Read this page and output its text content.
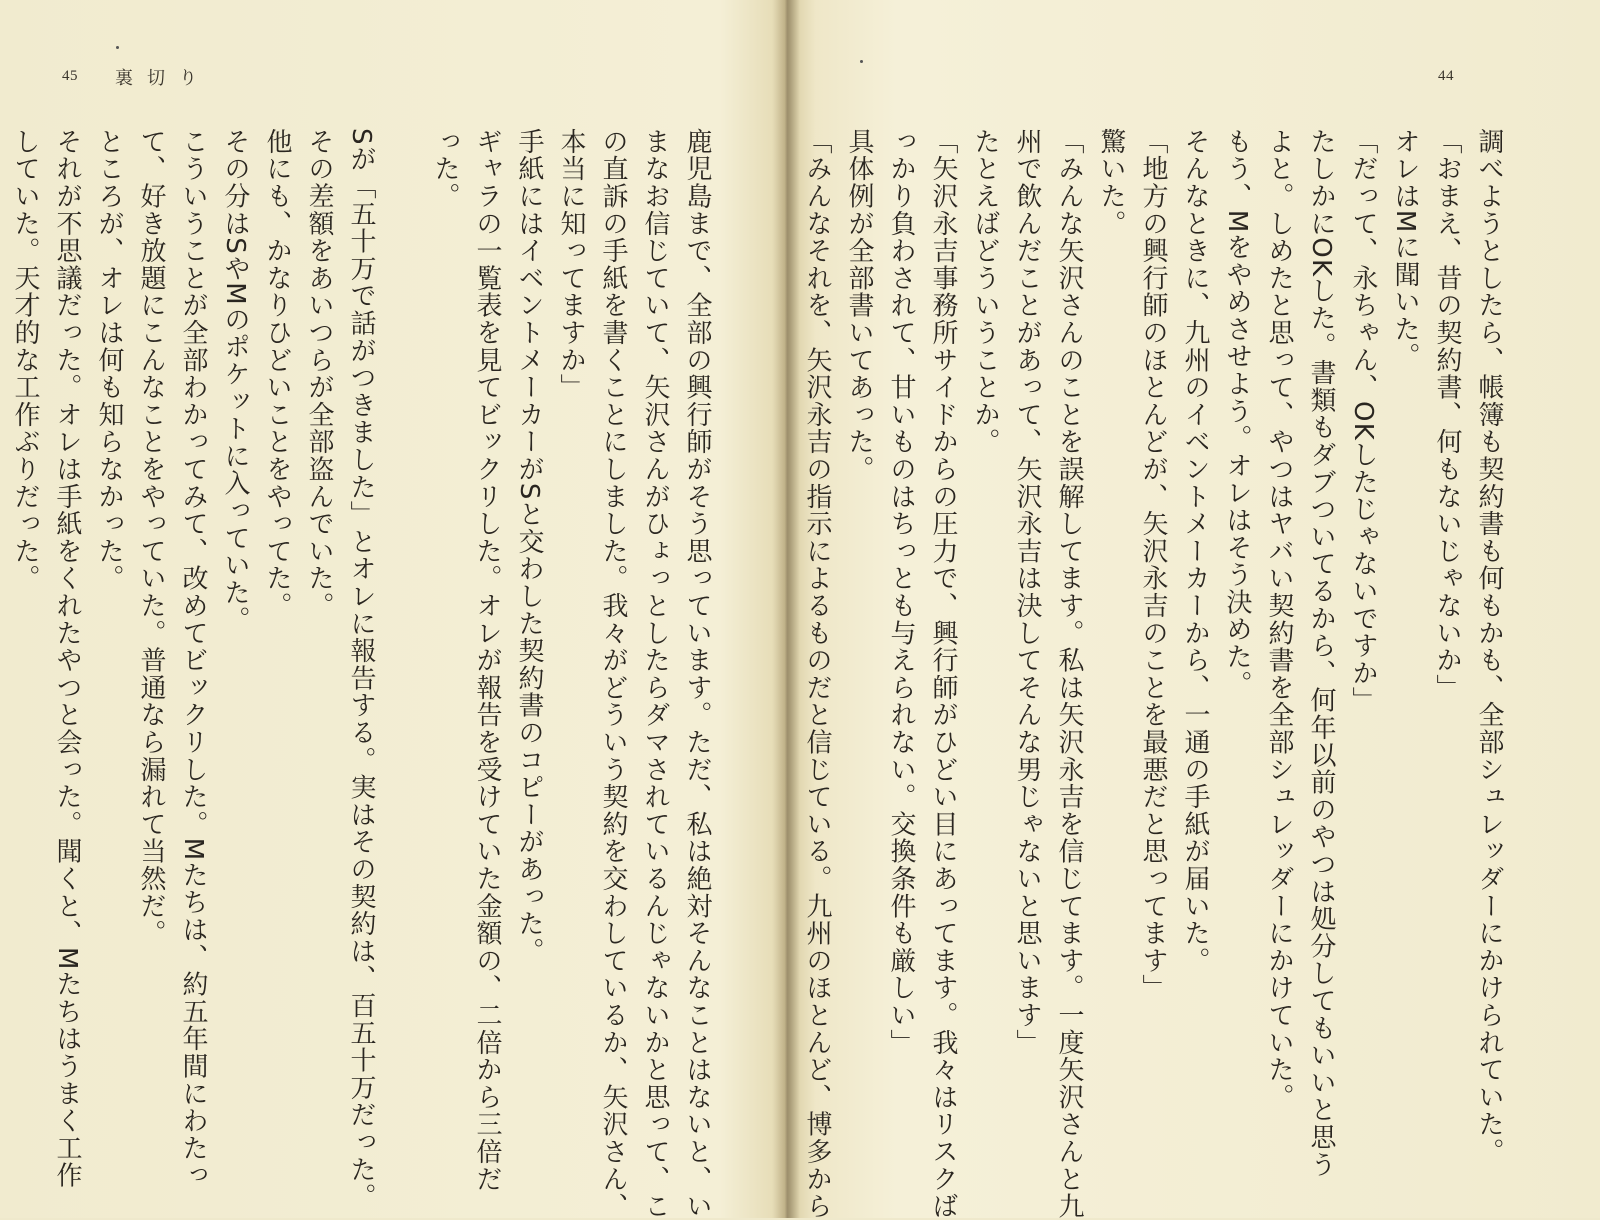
45 裏切り
鹿児島まで、全部の興行師がそう思っています。ただ、私は絶対そんなことはないと、い
まなお信じていて、矢沢さんがひょっとしたらダマされているんじゃないかと思って、こ
の直訴の手紙を書くことにしました。我々がどういう契約を交わしているか、矢沢さん、
本当に知ってますか」
手紙にはイベントメーカーがSと交わした契約書のコピーがあった。
ギャラの一覧表を見てビックリした。オレが報告を受けていた金額の、二倍から三倍だ
った。

Sが「五十万で話がつきました」とオレに報告する。実はその契約は、百五十万だった。
その差額をあいつらが全部盗んでいた。
他にも、かなりひどいことをやってた。
その分はSやMのポケットに入っていた。
こういうことが全部わかってみて、改めてビックリした。Mたちは、約五年間にわたっ
て、好き放題にこんなことをやっていた。普通なら漏れて当然だ。
ところが、オレは何も知らなかった。
それが不思議だった。オレは手紙をくれたやつと会った。聞くと、Mたちはうまく工作
していた。天才的な工作ぶりだった。
44
調べようとしたら、帳簿も契約書も何もかも、全部シュレッダーにかけられていた。
「おまえ、昔の契約書、何もないじゃないか」
オレはMに聞いた。
「だって、永ちゃん、OKしたじゃないですか」
たしかにOKした。書類もダブついてるから、何年以前のやつは処分してもいいと思う
よと。しめたと思って、やつはヤバい契約書を全部シュレッダーにかけていた。
もう、Mをやめさせよう。オレはそう決めた。
そんなときに、九州のイベントメーカーから、一通の手紙が届いた。
「地方の興行師のほとんどが、矢沢永吉のことを最悪だと思ってます」
驚いた。
「みんな矢沢さんのことを誤解してます。私は矢沢永吉を信じてます。一度矢沢さんと九
州で飲んだことがあって、矢沢永吉は決してそんな男じゃないと思います」
たとえばどういうことか。
「矢沢永吉事務所サイドからの圧力で、興行師がひどい目にあってます。我々はリスクば
っかり負わされて、甘いものはちっとも与えられない。交換条件も厳しい」
具体例が全部書いてあった。
「みんなそれを、矢沢永吉の指示によるものだと信じている。九州のほとんど、博多から
